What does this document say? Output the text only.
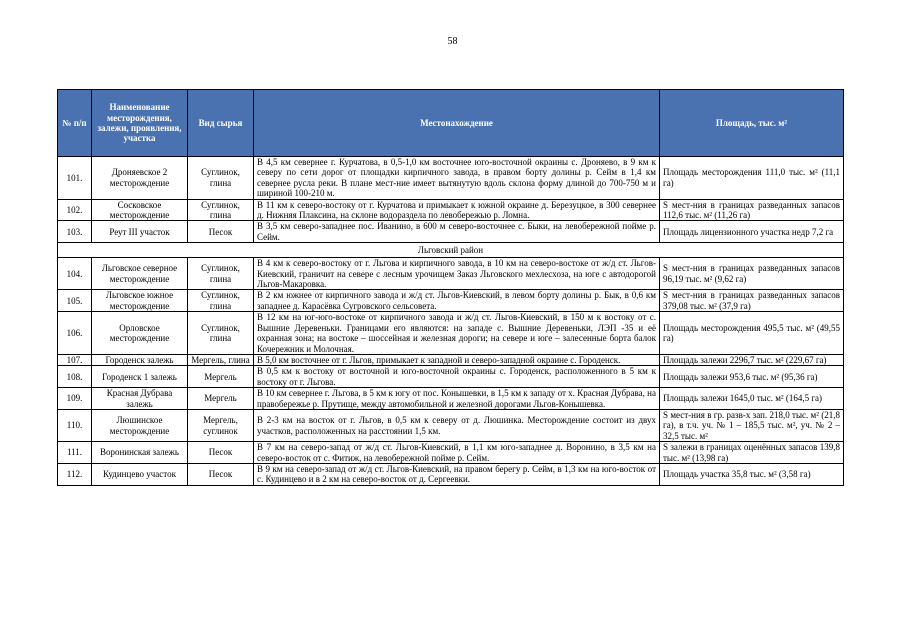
58
№ п/п	Наименование месторождения, залежи, проявления, участка	Вид сырья	Местонахождение	Площадь, тыс. м²
101.	Дроняевское 2 месторождение	Суглинок, глина	В 4,5 км севернее г. Курчатова, в 0,5-1,0 км восточнее юго-восточной окраины с. Дроняево, в 9 км к северу по сети дорог от площадки кирпичного завода, в правом борту долины р. Сейм в 1,4 км севернее русла реки. В плане мест-ние имеет вытянутую вдоль склона форму длиной до 700-750 м и шириной 100-210 м.	Площадь месторождения 111,0 тыс. м² (11,1 га)
102.	Сосковское месторождение	Суглинок, глина	В 11 км к северо-востоку от г. Курчатова и примыкает к южной окраине д. Березуцкое, в 300 севернее д. Нижняя Плаксина, на склоне водораздела по левобережью р. Ломна.	S мест-ния в границах разведанных запасов 112,6 тыс. м² (11,26 га)
103.	Реут III участок	Песок	В 3,5 км северо-западнее пос. Иванино, в 600 м северо-восточнее с. Быки, на левобережной пойме р. Сейм.	Площадь лицензионного участка недр 7,2 га
Льговский район				
104.	Льговское северное месторождение	Суглинок, глина	В 4 км к северо-востоку от г. Льгова и кирпичного завода, в 10 км на северо-востоке от ж/д ст. Льгов-Киевский, граничит на севере с лесным урочищем Заказ Льговского мехлесхоза, на юге с автодорогой Льгов-Макаровка.	S мест-ния в границах разведанных запасов 96,19 тыс. м² (9,62 га)
105.	Льговское южное месторождение	Суглинок, глина	В 2 км южнее от кирпичного завода и ж/д ст. Льгов-Киевский, в левом борту долины р. Бык, в 0,6 км западнее д. Карасёвка Сугровского сельсовета.	S мест-ния в границах разведанных запасов 379,08 тыс. м² (37,9 га)
106.	Орловское месторождение	Суглинок, глина	В 12 км на юг-юго-востоке от кирпичного завода и ж/д ст. Льгов-Киевский, в 150 м к востоку от с. Вышние Деревеньки. Границами его являются: на западе с. Вышние Деревеньки, ЛЭП -35 и её охранная зона; на востоке – шоссейная и железная дороги; на севере и юге – залесенные борта балок Кочережник и Молочная.	Площадь месторождения 495,5 тыс. м² (49,55 га)
107.	Городенск залежь	Мергель, глина	В 5,0 км восточнее от г. Льгов, примыкает к западной и северо-западной окраине с. Городенск.	Площадь залежи 2296,7 тыс. м² (229,67 га)
108.	Городенск 1 залежь	Мергель	В 0,5 км к востоку от восточной и юго-восточной окраины с. Городенск, расположенного в 5 км к востоку от г. Льгова.	Площадь залежи 953,6 тыс. м² (95,36 га)
109.	Красная Дубрава залежь	Мергель	В 10 км севернее г. Льгова, в 5 км к югу от пос. Конышевки, в 1,5 км к западу от х. Красная Дубрава, на правобережье р. Прутище, между автомобильной и железной дорогами Льгов-Конышевка.	Площадь залежи 1645,0 тыс. м² (164,5 га)
110.	Люшинское месторождение	Мергель, суглинок	В 2-3 км на восток от г. Льгов, в 0,5 км к северу от д. Люшинка. Месторождение состоит из двух участков, расположенных на расстоянии 1,5 км.	S мест-ния в гр. разв-х зап. 218,0 тыс. м² (21,8 га), в т.ч. уч. № 1 – 185,5 тыс. м², уч. № 2 – 32,5 тыс. м²
111.	Воронинская залежь	Песок	В 7 км на северо-запад от ж/д ст. Льгов-Киевский, в 1,1 км юго-западнее д. Воронино, в 3,5 км на северо-восток от с. Фитиж, на левобережной пойме р. Сейм.	S залежи в границах оценённых запасов 139,8 тыс. м² (13,98 га)
112.	Кудинцево участок	Песок	В 9 км на северо-запад от ж/д ст. Льгов-Киевский, на правом берегу р. Сейм, в 1,3 км на юго-восток от с. Кудинцево и в 2 км на северо-восток от д. Сергеевки.	Площадь участка 35,8 тыс. м² (3,58 га)
